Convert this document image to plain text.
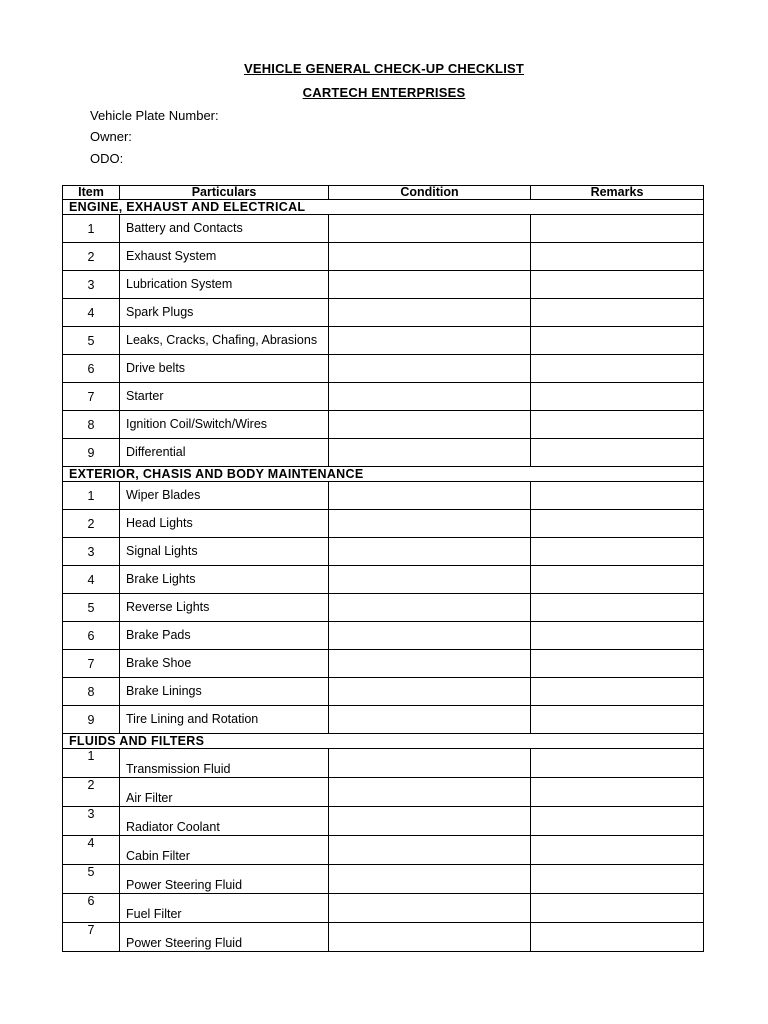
VEHICLE GENERAL CHECK-UP CHECKLIST
CARTECH ENTERPRISES
Vehicle Plate Number:
Owner:
ODO:
Item	Particulars	Condition	Remarks
ENGINE, EXHAUST AND ELECTRICAL			
1	Battery and Contacts		
2	Exhaust System		
3	Lubrication System		
4	Spark Plugs		
5	Leaks, Cracks, Chafing, Abrasions		
6	Drive belts		
7	Starter		
8	Ignition Coil/Switch/Wires		
9	Differential		
EXTERIOR, CHASIS AND BODY MAINTENANCE			
1	Wiper Blades		
2	Head Lights		
3	Signal Lights		
4	Brake Lights		
5	Reverse Lights		
6	Brake Pads		
7	Brake Shoe		
8	Brake Linings		
9	Tire Lining and Rotation		
FLUIDS AND FILTERS			
1	Transmission Fluid		
2	Air Filter		
3	Radiator Coolant		
4	Cabin Filter		
5	Power Steering Fluid		
6	Fuel Filter		
7	Power Steering Fluid		
